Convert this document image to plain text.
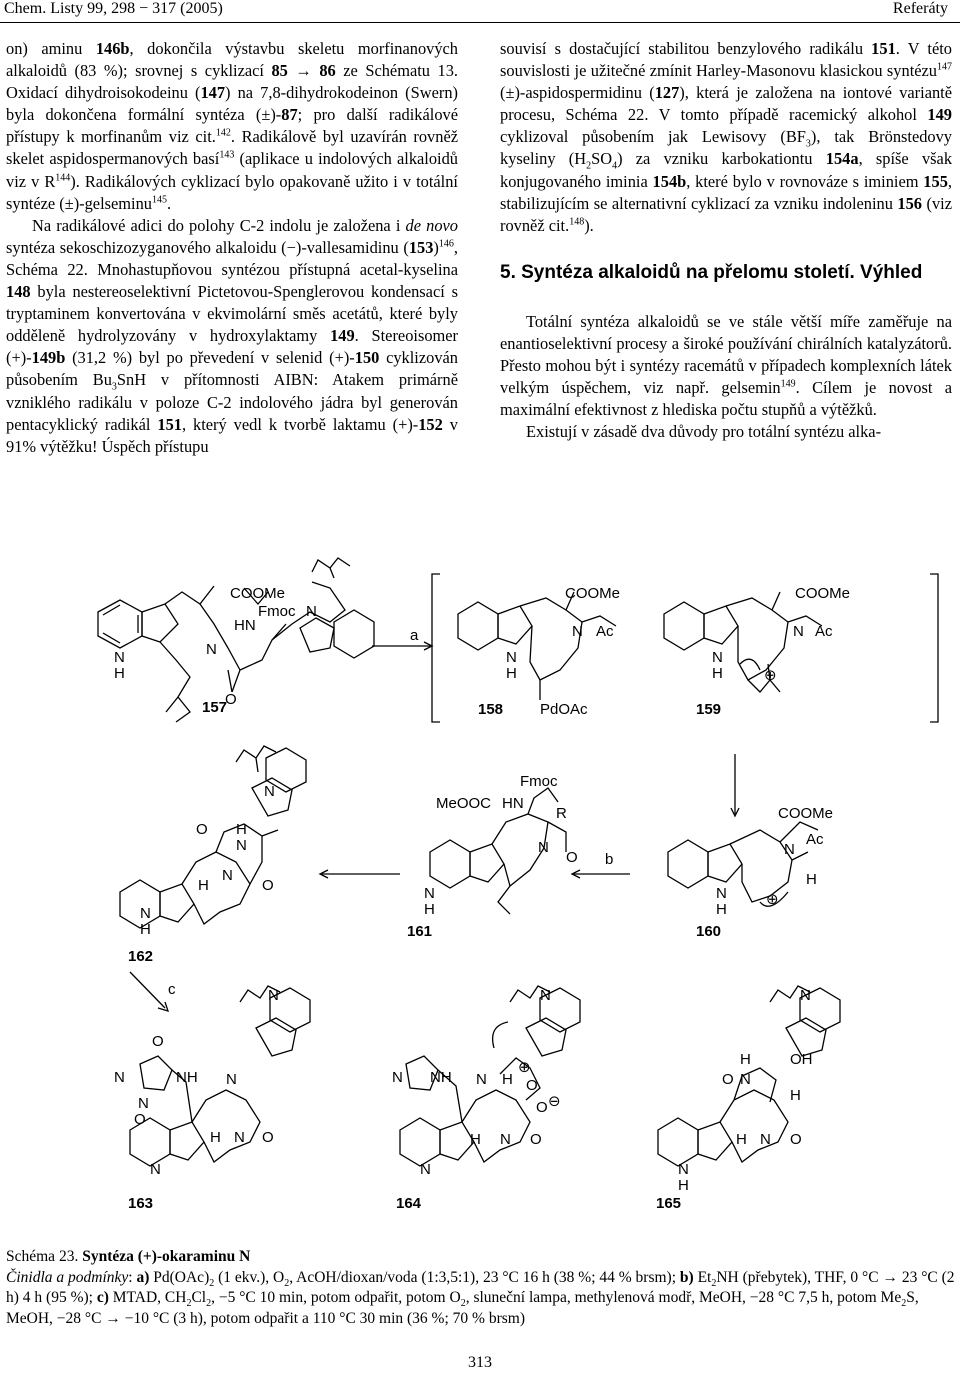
Chem. Listy 99, 298 − 317 (2005)	Referáty

on) aminu 146b, dokončila výstavbu skeletu morfinanových alkaloidů (83 %); srovnej s cyklizací 85 → 86 ze Schématu 13. Oxidací dihydroisokodeinu (147) na 7,8-dihydrokodeinon (Swern) byla dokončena formální syntéza (±)-87; pro další radikálové přístupy k morfinanům viz cit.$^{142}$. Radikálově byl uzavírán rovněž skelet aspidospermanových basí$^{143}$ (aplikace u indolových alkaloidů viz v $R^{144}$). Radikálových cyklizací bylo opakovaně užito i v totální syntéze (±)-gelseminu$^{145}$.

Na radikálové adici do polohy C-2 indolu je založena i de novo syntéza sekoschizozyganového alkaloidu (−)-vallesamidinu $(153)^{146}$, Schéma 22. Mnohastupňovou syntézou přístupná acetal-kyselina 148 byla nestereoselektivní Pictetovou-Spenglerovou kondensací s tryptaminem konvertována v ekvimolární směs acetátů, které byly odděleně hydrolyzovány v hydroxylaktamy 149. Stereoisomer (+)-149b (31,2 %) byl po převedení v selenid (+)-150 cyklizován působením $Bu_3SnH$ v přítomnosti AIBN: Atakem primárně vzniklého radikálu v poloze C-2 indolového jádra byl generován pentacyklický radikál 151, který vedl k tvorbě laktamu (+)-152 v 91% výtěžku! Úspěch přístupu

souvisí s dostačující stabilitou benzylového radikálu 151. V této souvislosti je užitečné zmínit Harley-Masonovu klasickou syntézu$^{147}$ (±)-aspidospermidinu (127), která je založena na iontové variantě procesu, Schéma 22. V tomto případě racemický alkohol 149 cyklizoval působením jak Lewisovy $(BF_3)$, tak Brönstedovy kyseliny $(H_2SO_4)$ za vzniku karbokationtu 154a, spíše však konjugovaného iminia 154b, které bylo v rovnováze s iminiem 155, stabilizujícím se alternativní cyklizací za vzniku indoleninu 156 (viz rovněž cit.$^{148}$).

5. Syntéza alkaloidů na přelomu století. Výhled

Totální syntéza alkaloidů se ve stále větší míře zaměřuje na enantioselektivní procesy a široké používání chirálních katalyzátorů. Přesto mohou být i syntézy racemátů v případech komplexních látek velkým úspěchem, viz např. gelsemin$^{149}$. Cílem je novost a maximální efektivnost z hlediska počtu stupňů a výtěžků.

Existují v zásadě dva důvody pro totální syntézu alka-

COOMe
Fmoc
HN
N
N
H
N
O
a
COOMe
N Ac
N
H
PdOAc
COOMe
N Ac
N
H	⊕
COOMe
N
Ac
H
N
H
⊕
Fmoc
MeOOC HN
R
N
O
N
H
b
N
O H
N
H
N
O
N
H
c	N
O
N	NH
N
N
O
H N O
N
N
N NH N H
⊕
O
O ⊖
H N O
N
N
H	OH
O N
H
H N O
N
H
157	158	159
160
161
162
163	164	165

Schéma 23. Syntéza (+)-okaraminu N

Činidla a podmínky: a) $Pd(OAc)_2$ (1 ekv.), $O_2$, AcOH/dioxan/voda (1:3,5:1), 23 °C 16 h (38 %; 44 % brsm); b) $Et_2NH$ (přebytek), THF, 0 °C → 23 °C (2 h) 4 h (95 %); c) MTAD, $CH_2Cl_2$, −5 °C 10 min, potom odpařit, potom $O_2$, sluneční lampa, methylenová modř, MeOH, −28 °C 7,5 h, potom $Me_2S$, MeOH, −28 °C → −10 °C (3 h), potom odpařit a 110 °C 30 min (36 %; 70 % brsm)

313
